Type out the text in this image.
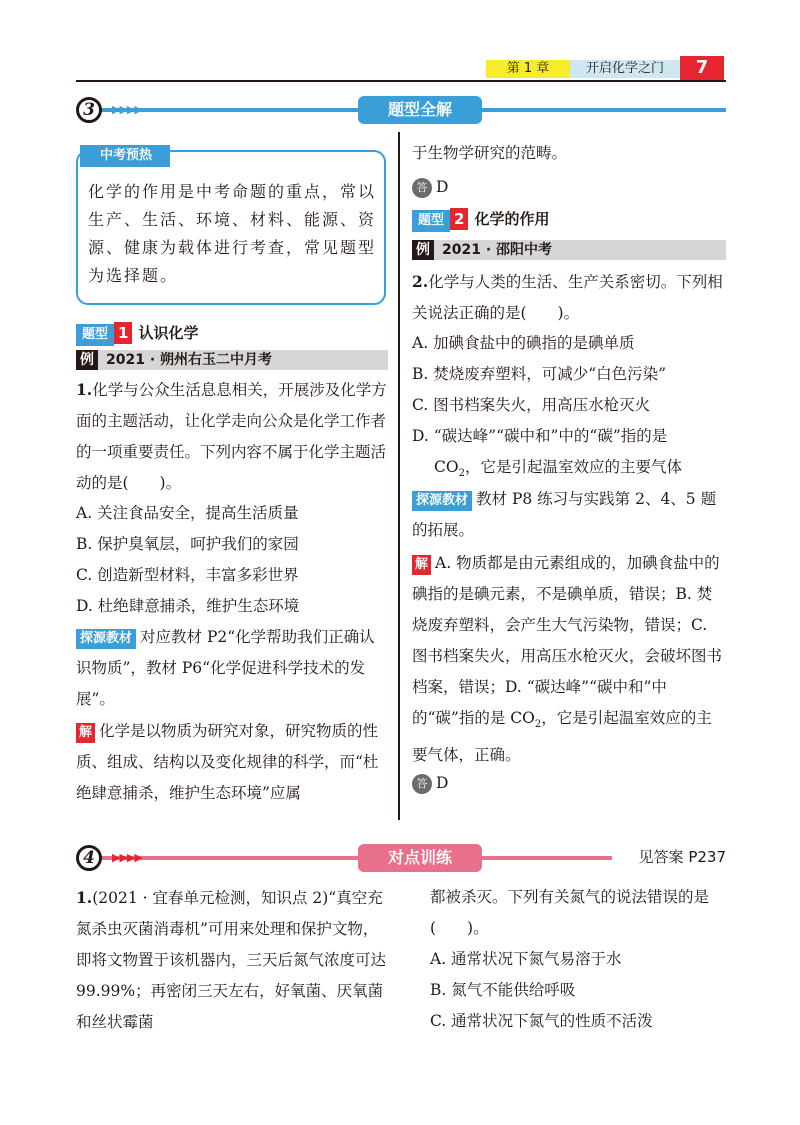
第 1 章	开启化学之门	7
题型全解
3	▶▶▶▶
中考预热
化学的作用是中考命题的重点，常以生产、生活、环境、材料、能源、资源、健康为载体进行考查，常见题型为选择题。
题型 1 认识化学
例 2021 · 朔州右玉二中月考
1.化学与公众生活息息相关，开展涉及化学方面的主题活动，让化学走向公众是化学工作者的一项重要责任。下列内容不属于化学主题活动的是(　　)。
A. 关注食品安全，提高生活质量
B. 保护臭氧层，呵护我们的家园
C. 创造新型材料，丰富多彩世界
D. 杜绝肆意捕杀，维护生态环境
探源教材 对应教材 P2“化学帮助我们正确认识物质”，教材 P6“化学促进科学技术的发展”。
解 化学是以物质为研究对象，研究物质的性质、组成、结构以及变化规律的科学，而“杜绝肆意捕杀，维护生态环境”应属
于生物学研究的范畴。
答 D
题型 2 化学的作用
例 2021 · 邵阳中考
2.化学与人类的生活、生产关系密切。下列相关说法正确的是(　　)。
A. 加碘食盐中的碘指的是碘单质
B. 焚烧废弃塑料，可减少“白色污染”
C. 图书档案失火，用高压水枪灭火
D. “碳达峰”“碳中和”中的“碳”指的是
$CO_2$，它是引起温室效应的主要气体
探源教材 教材 P8 练习与实践第 2、4、5 题的拓展。
解 A. 物质都是由元素组成的，加碘食盐中的碘指的是碘元素，不是碘单质，错误；B. 焚烧废弃塑料，会产生大气污染物，错误；C. 图书档案失火，用高压水枪灭火，会破坏图书档案，错误；D. “碳达峰”“碳中和”中的“碳”指的是 $CO_2$，它是引起温室效应的主要气体，正确。
答 D
对点训练
4	▶▶▶▶	见答案 P237
1.(2021 · 宜春单元检测，知识点 2)“真空充氮杀虫灭菌消毒机”可用来处理和保护文物，即将文物置于该机器内，三天后氮气浓度可达 99.99%；再密闭三天左右，好氧菌、厌氧菌和丝状霉菌
都被杀灭。下列有关氮气的说法错误的是(　　)。
A. 通常状况下氮气易溶于水
B. 氮气不能供给呼吸
C. 通常状况下氮气的性质不活泼
